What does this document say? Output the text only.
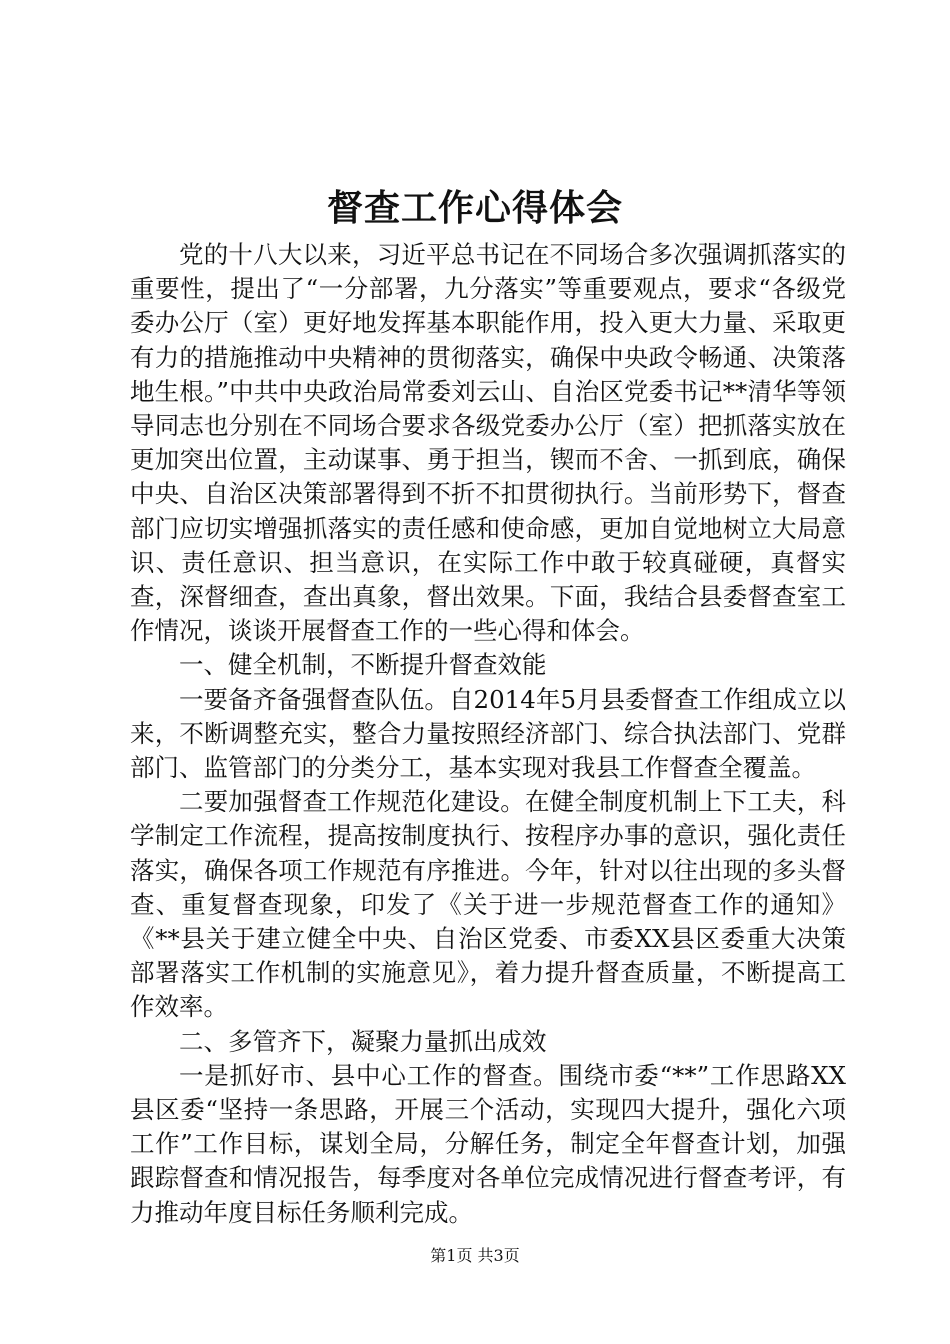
督查工作心得体会

党的十八大以来，习近平总书记在不同场合多次强调抓落实的重要性，提出了“一分部署，九分落实”等重要观点，要求“各级党委办公厅（室）更好地发挥基本职能作用，投入更大力量、采取更有力的措施推动中央精神的贯彻落实，确保中央政令畅通、决策落地生根。”中共中央政治局常委刘云山、自治区党委书记**清华等领导同志也分别在不同场合要求各级党委办公厅（室）把抓落实放在更加突出位置，主动谋事、勇于担当，锲而不舍、一抓到底，确保中央、自治区决策部署得到不折不扣贯彻执行。当前形势下，督查部门应切实增强抓落实的责任感和使命感，更加自觉地树立大局意识、责任意识、担当意识，在实际工作中敢于较真碰硬，真督实查，深督细查，查出真象，督出效果。下面，我结合县委督查室工作情况，谈谈开展督查工作的一些心得和体会。

一、健全机制，不断提升督查效能

一要备齐备强督查队伍。自2014年5月县委督查工作组成立以来，不断调整充实，整合力量按照经济部门、综合执法部门、党群部门、监管部门的分类分工，基本实现对我县工作督查全覆盖。

二要加强督查工作规范化建设。在健全制度机制上下工夫，科学制定工作流程，提高按制度执行、按程序办事的意识，强化责任落实，确保各项工作规范有序推进。今年，针对以往出现的多头督查、重复督查现象，印发了《关于进一步规范督查工作的通知》《**县关于建立健全中央、自治区党委、市委XX县区委重大决策部署落实工作机制的实施意见》，着力提升督查质量，不断提高工作效率。

二、多管齐下，凝聚力量抓出成效

一是抓好市、县中心工作的督查。围绕市委“**”工作思路XX县区委“坚持一条思路，开展三个活动，实现四大提升，强化六项工作”工作目标，谋划全局，分解任务，制定全年督查计划，加强跟踪督查和情况报告，每季度对各单位完成情况进行督查考评，有力推动年度目标任务顺利完成。

第1页 共3页
